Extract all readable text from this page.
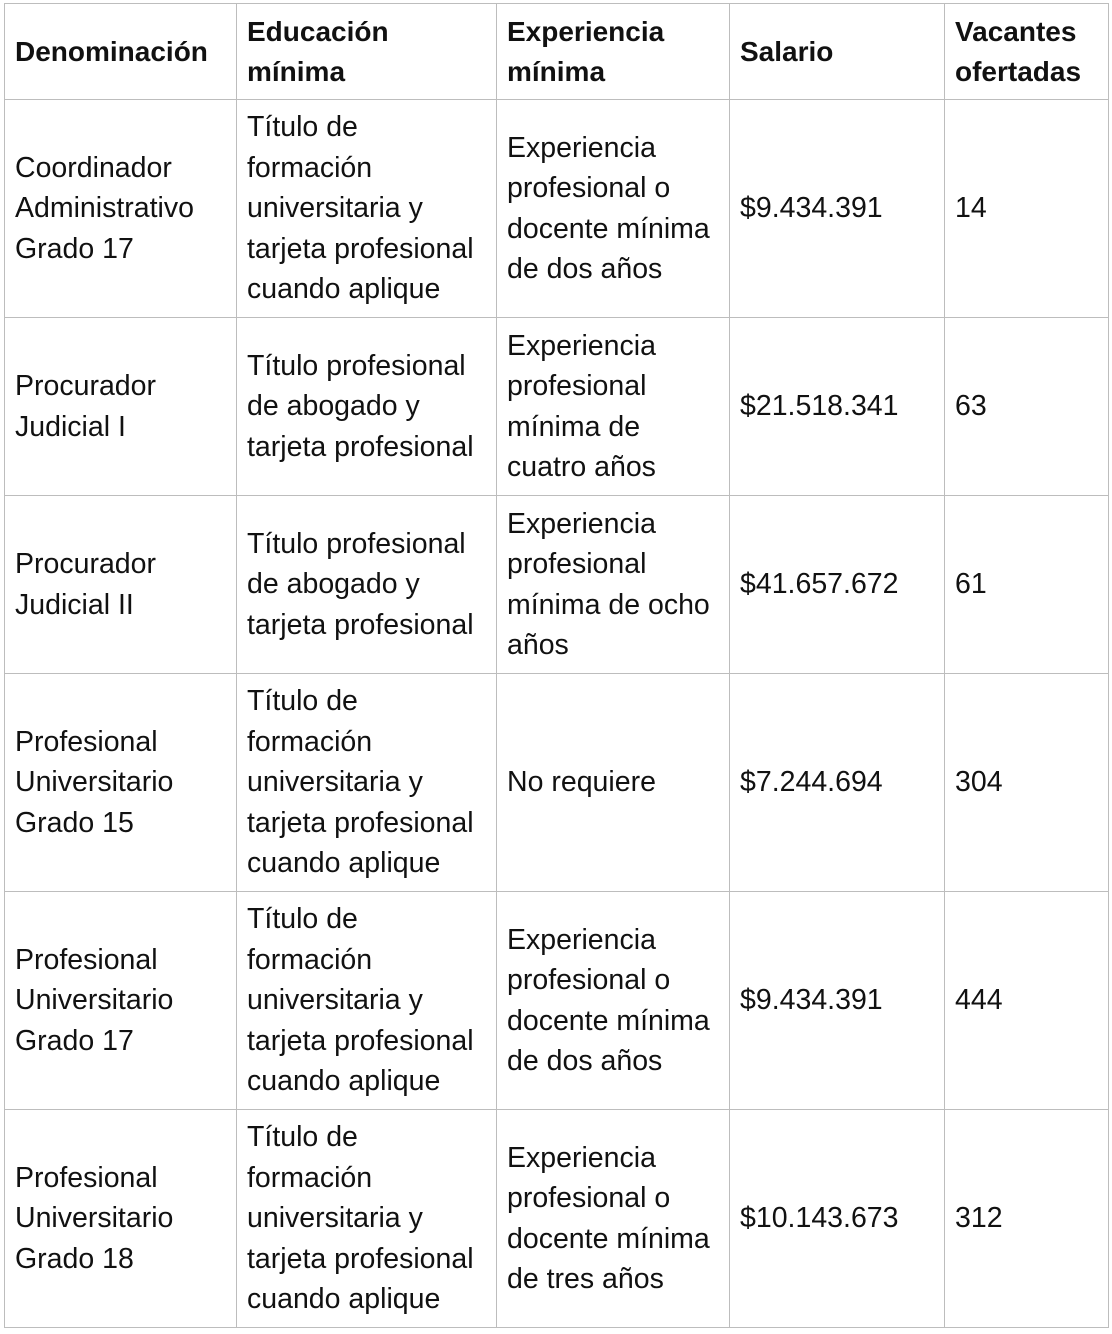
Denominación	Educación mínima	Experiencia mínima	Salario	Vacantes ofertadas
Coordinador Administrativo Grado 17	Título de formación universitaria y tarjeta profesional cuando aplique	Experiencia profesional o docente mínima de dos años	$9.434.391	14
Procurador Judicial I	Título profesional de abogado y tarjeta profesional	Experiencia profesional mínima de cuatro años	$21.518.341	63
Procurador Judicial II	Título profesional de abogado y tarjeta profesional	Experiencia profesional mínima de ocho años	$41.657.672	61
Profesional Universitario Grado 15	Título de formación universitaria y tarjeta profesional cuando aplique	No requiere	$7.244.694	304
Profesional Universitario Grado 17	Título de formación universitaria y tarjeta profesional cuando aplique	Experiencia profesional o docente mínima de dos años	$9.434.391	444
Profesional Universitario Grado 18	Título de formación universitaria y tarjeta profesional cuando aplique	Experiencia profesional o docente mínima de tres años	$10.143.673	312
